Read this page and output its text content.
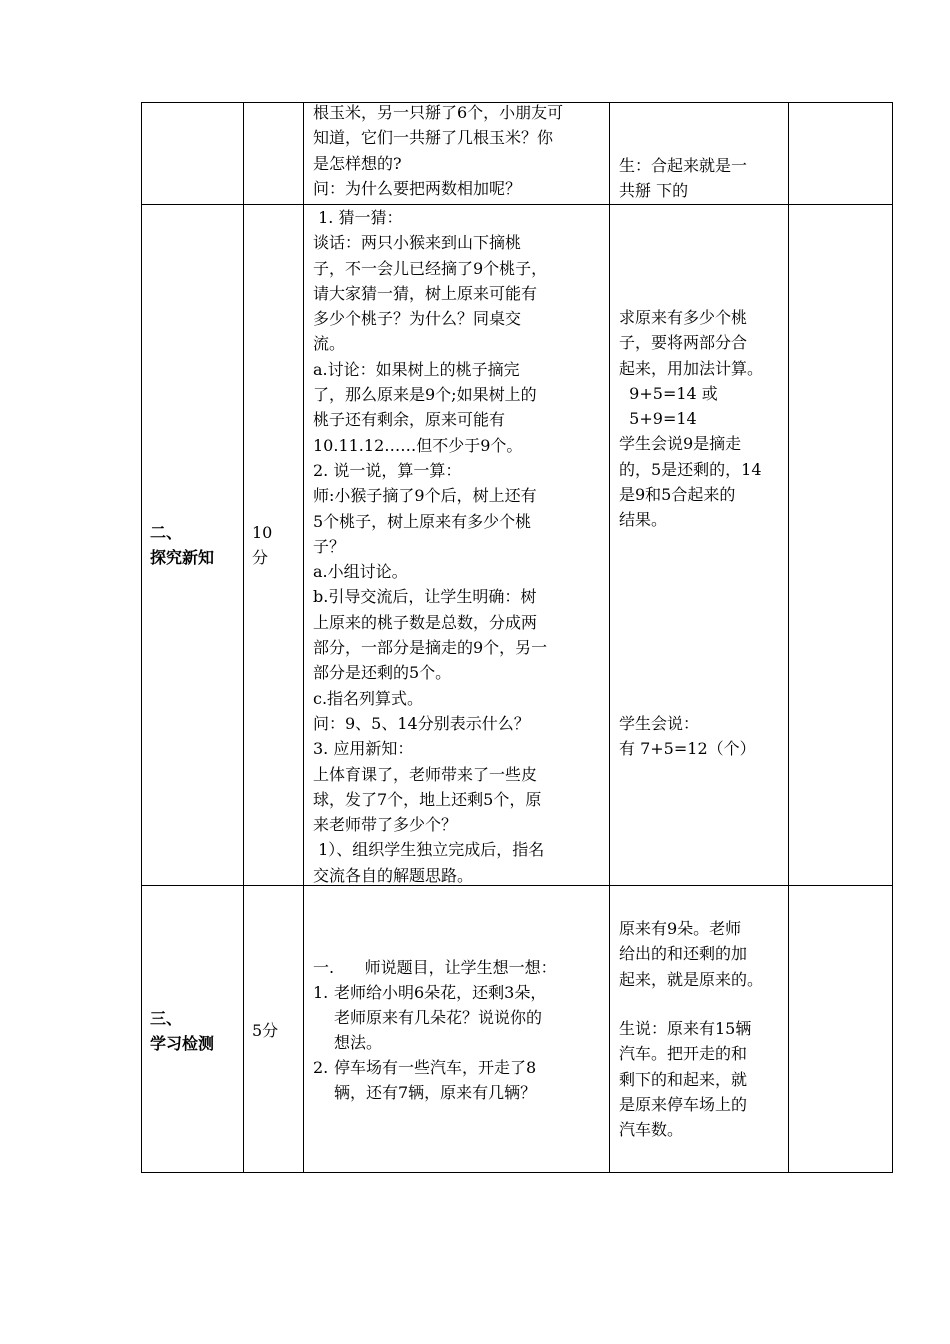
根玉米，另一只掰了6个，小朋友可
知道，它们一共掰了几根玉米？你
是怎样想的?
问：为什么要把两数相加呢？
生：合起来就是一
共掰 下的
二、
探究新知
10
分
1. 猜一猜：
谈话：两只小猴来到山下摘桃
子，不一会儿已经摘了9个桃子，
请大家猜一猜，树上原来可能有
多少个桃子？为什么？同桌交
流。
a.讨论：如果树上的桃子摘完
了，那么原来是9个;如果树上的
桃子还有剩余，原来可能有
10.11.12……但不少于9个。
2. 说一说，算一算：
师:小猴子摘了9个后，树上还有
5个桃子，树上原来有多少个桃
子？
a.小组讨论。
b.引导交流后，让学生明确：树
上原来的桃子数是总数，分成两
部分，一部分是摘走的9个，另一
部分是还剩的5个。
c.指名列算式。
问：9、5、14分别表示什么？
3. 应用新知：
上体育课了，老师带来了一些皮
球，发了7个，地上还剩5个，原
来老师带了多少个？
1）、组织学生独立完成后，指名
交流各自的解题思路。
求原来有多少个桃
子，要将两部分合
起来，用加法计算。
9+5=14 或
5+9=14
学生会说9是摘走
的，5是还剩的，14
是9和5合起来的
结果。
学生会说：
有 7+5=12（个）
三、
学习检测
5分
一.      师说题目，让学生想一想：
1. 老师给小明6朵花，还剩3朵，
老师原来有几朵花？说说你的
想法。
2. 停车场有一些汽车，开走了8
辆，还有7辆，原来有几辆？
原来有9朵。老师
给出的和还剩的加
起来，就是原来的。
生说：原来有15辆
汽车。把开走的和
剩下的和起来，就
是原来停车场上的
汽车数。
